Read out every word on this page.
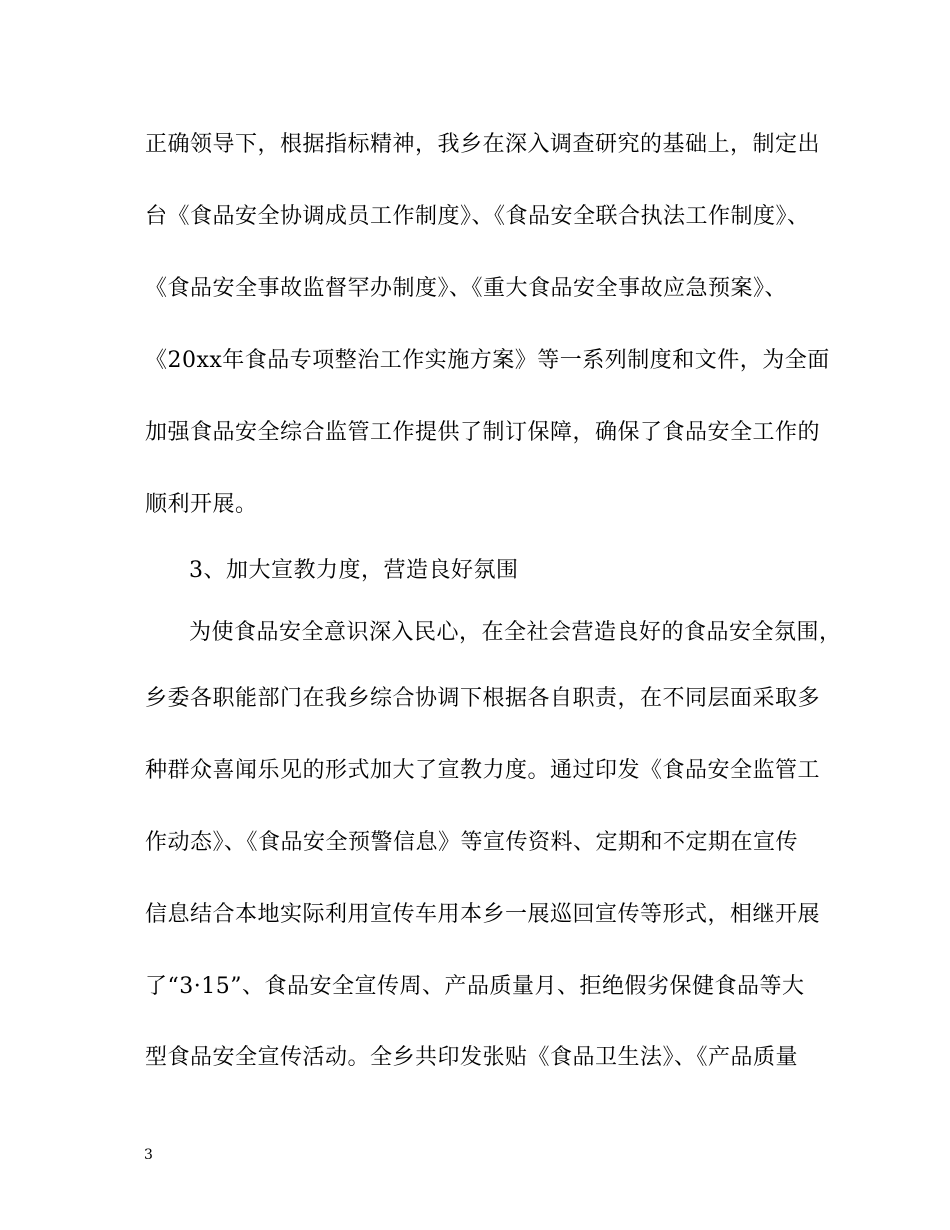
正确领导下，根据指标精神，我乡在深入调查研究的基础上，制定出
台《食品安全协调成员工作制度》、《食品安全联合执法工作制度》、
《食品安全事故监督罕办制度》、《重大食品安全事故应急预案》、
《20xx年食品专项整治工作实施方案》等一系列制度和文件，为全面
加强食品安全综合监管工作提供了制订保障，确保了食品安全工作的
顺利开展。
3、加大宣教力度，营造良好氛围
为使食品安全意识深入民心，在全社会营造良好的食品安全氛围，
乡委各职能部门在我乡综合协调下根据各自职责，在不同层面采取多
种群众喜闻乐见的形式加大了宣教力度。通过印发《食品安全监管工
作动态》、《食品安全预警信息》等宣传资料、定期和不定期在宣传
信息结合本地实际利用宣传车用本乡一展巡回宣传等形式，相继开展
了“3·15”、食品安全宣传周、产品质量月、拒绝假劣保健食品等大
型食品安全宣传活动。全乡共印发张贴《食品卫生法》、《产品质量
3
